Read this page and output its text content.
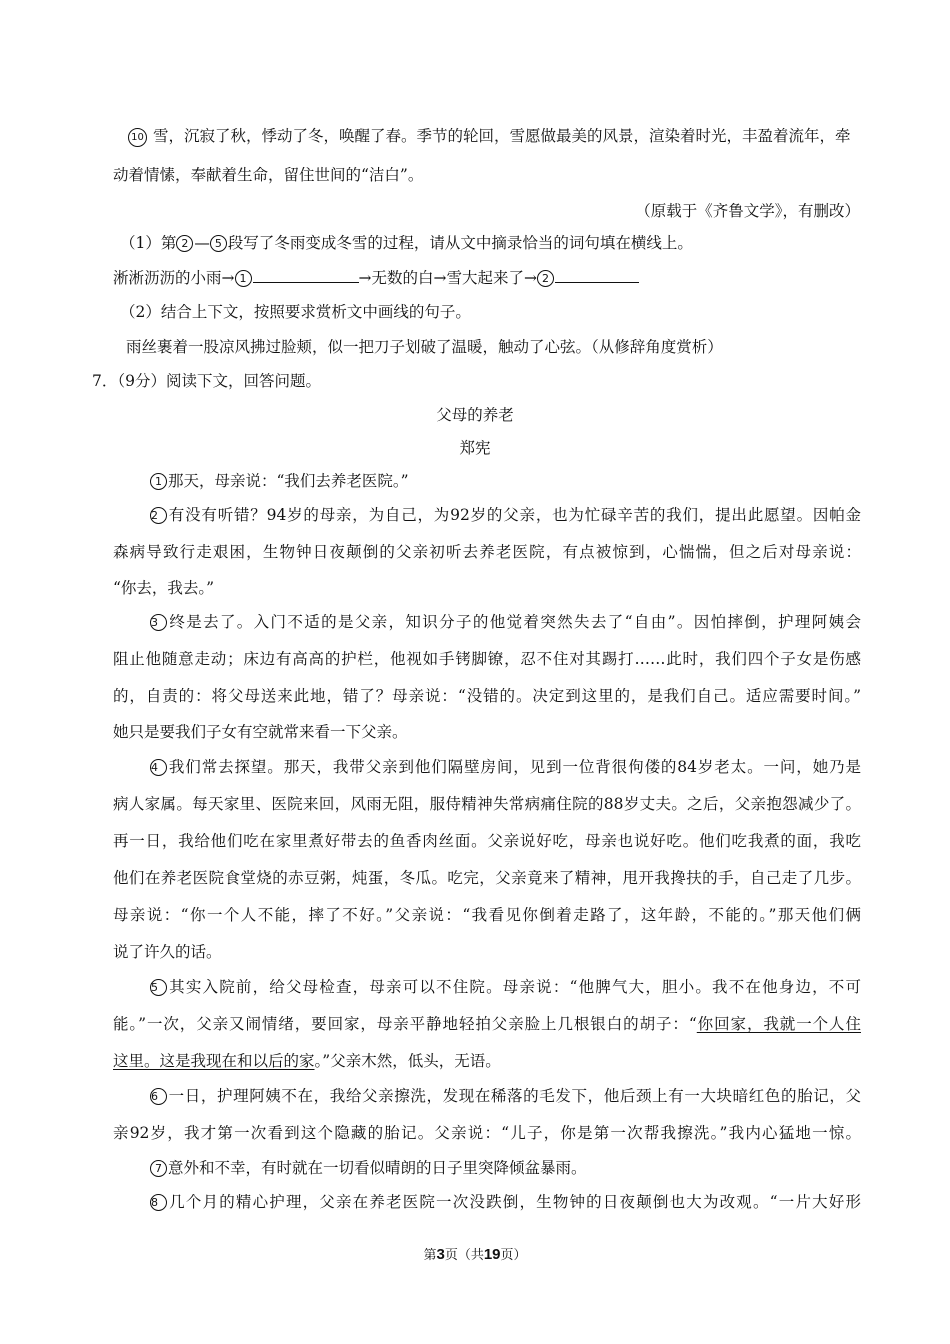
10 雪，沉寂了秋，悸动了冬，唤醒了春。季节的轮回，雪愿做最美的风景，渲染着时光，丰盈着流年，牵
动着情愫，奉献着生命，留住世间的“洁白”。
（原载于《齐鲁文学》，有删改）
（1）第 2 — 5 段写了冬雨变成冬雪的过程，请从文中摘录恰当的词句填在横线上。
淅淅沥沥的小雨→ 1	→无数的白→雪大起来了→ 2
（2）结合上下文，按照要求赏析文中画线的句子。
雨丝裹着一股凉风拂过脸颊，似一把刀子划破了温暖，触动了心弦。（从修辞角度赏析）
7．（9分）阅读下文，回答问题。
父母的养老
郑宪
1 那天，母亲说：“我们去养老医院。”
2 有没有听错？94岁的母亲，为自己，为92岁的父亲，也为忙碌辛苦的我们，提出此愿望。因帕金
森病导致行走艰困，生物钟日夜颠倒的父亲初听去养老医院，有点被惊到，心惴惴，但之后对母亲说：
“你去，我去。”
3 终是去了。入门不适的是父亲，知识分子的他觉着突然失去了“自由”。因怕摔倒，护理阿姨会
阻止他随意走动；床边有高高的护栏，他视如手铐脚镣，忍不住对其踢打……此时，我们四个子女是伤感
的，自责的：将父母送来此地，错了？母亲说：“没错的。决定到这里的，是我们自己。适应需要时间。”
她只是要我们子女有空就常来看一下父亲。
4 我们常去探望。那天，我带父亲到他们隔壁房间，见到一位背很佝偻的84岁老太。一问，她乃是
病人家属。每天家里、医院来回，风雨无阻，服侍精神失常病痛住院的88岁丈夫。之后，父亲抱怨减少了。
再一日，我给他们吃在家里煮好带去的鱼香肉丝面。父亲说好吃，母亲也说好吃。他们吃我煮的面，我吃
他们在养老医院食堂烧的赤豆粥，炖蛋，冬瓜。吃完，父亲竟来了精神，甩开我搀扶的手，自己走了几步。
母亲说：“你一个人不能，摔了不好。”父亲说：“我看见你倒着走路了，这年龄，不能的。”那天他们俩
说了许久的话。
5 其实入院前，给父母检查，母亲可以不住院。母亲说：“他脾气大，胆小。我不在他身边，不可
能。”一次，父亲又闹情绪，要回家，母亲平静地轻拍父亲脸上几根银白的胡子：“你回家，我就一个人住
这里。这是我现在和以后的家。”父亲木然，低头，无语。
6 一日，护理阿姨不在，我给父亲擦洗，发现在稀落的毛发下，他后颈上有一大块暗红色的胎记，父
亲92岁，我才第一次看到这个隐藏的胎记。父亲说：“儿子，你是第一次帮我擦洗。”我内心猛地一惊。
7 意外和不幸，有时就在一切看似晴朗的日子里突降倾盆暴雨。
8 几个月的精心护理，父亲在养老医院一次没跌倒，生物钟的日夜颠倒也大为改观。“一片大好形
第3页（共19页）
